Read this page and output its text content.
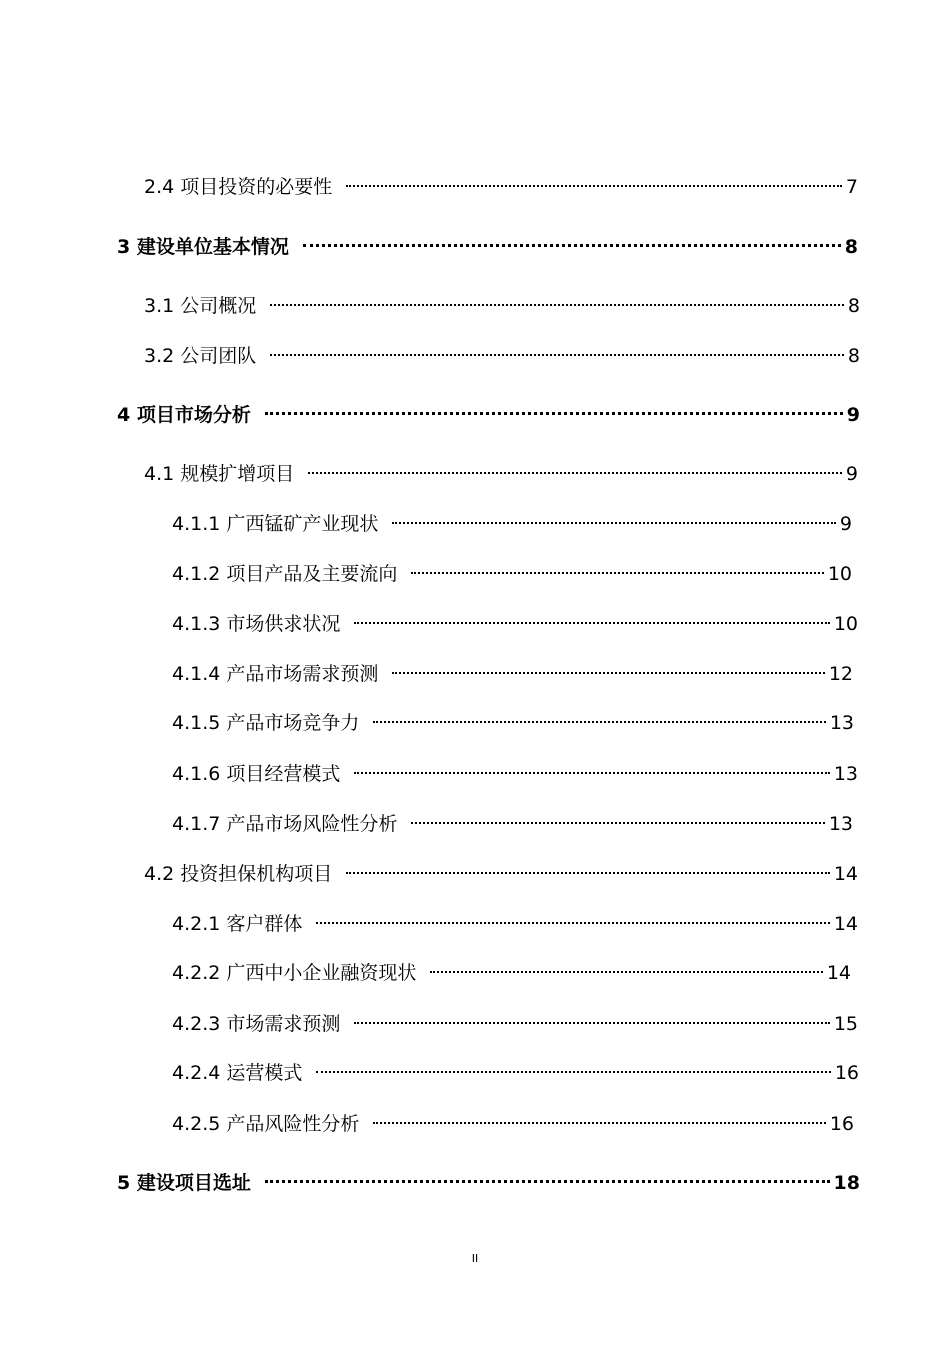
2.4 项目投资的必要性	7
3 建设单位基本情况	8
3.1 公司概况	8
3.2 公司团队	8
4 项目市场分析	9
4.1 规模扩增项目	9
4.1.1 广西锰矿产业现状	9
4.1.2 项目产品及主要流向	10
4.1.3 市场供求状况	10
4.1.4 产品市场需求预测	12
4.1.5 产品市场竞争力	13
4.1.6 项目经营模式	13
4.1.7 产品市场风险性分析	13
4.2 投资担保机构项目	14
4.2.1 客户群体	14
4.2.2 广西中小企业融资现状	14
4.2.3 市场需求预测	15
4.2.4 运营模式	16
4.2.5 产品风险性分析	16
5 建设项目选址	18
II
